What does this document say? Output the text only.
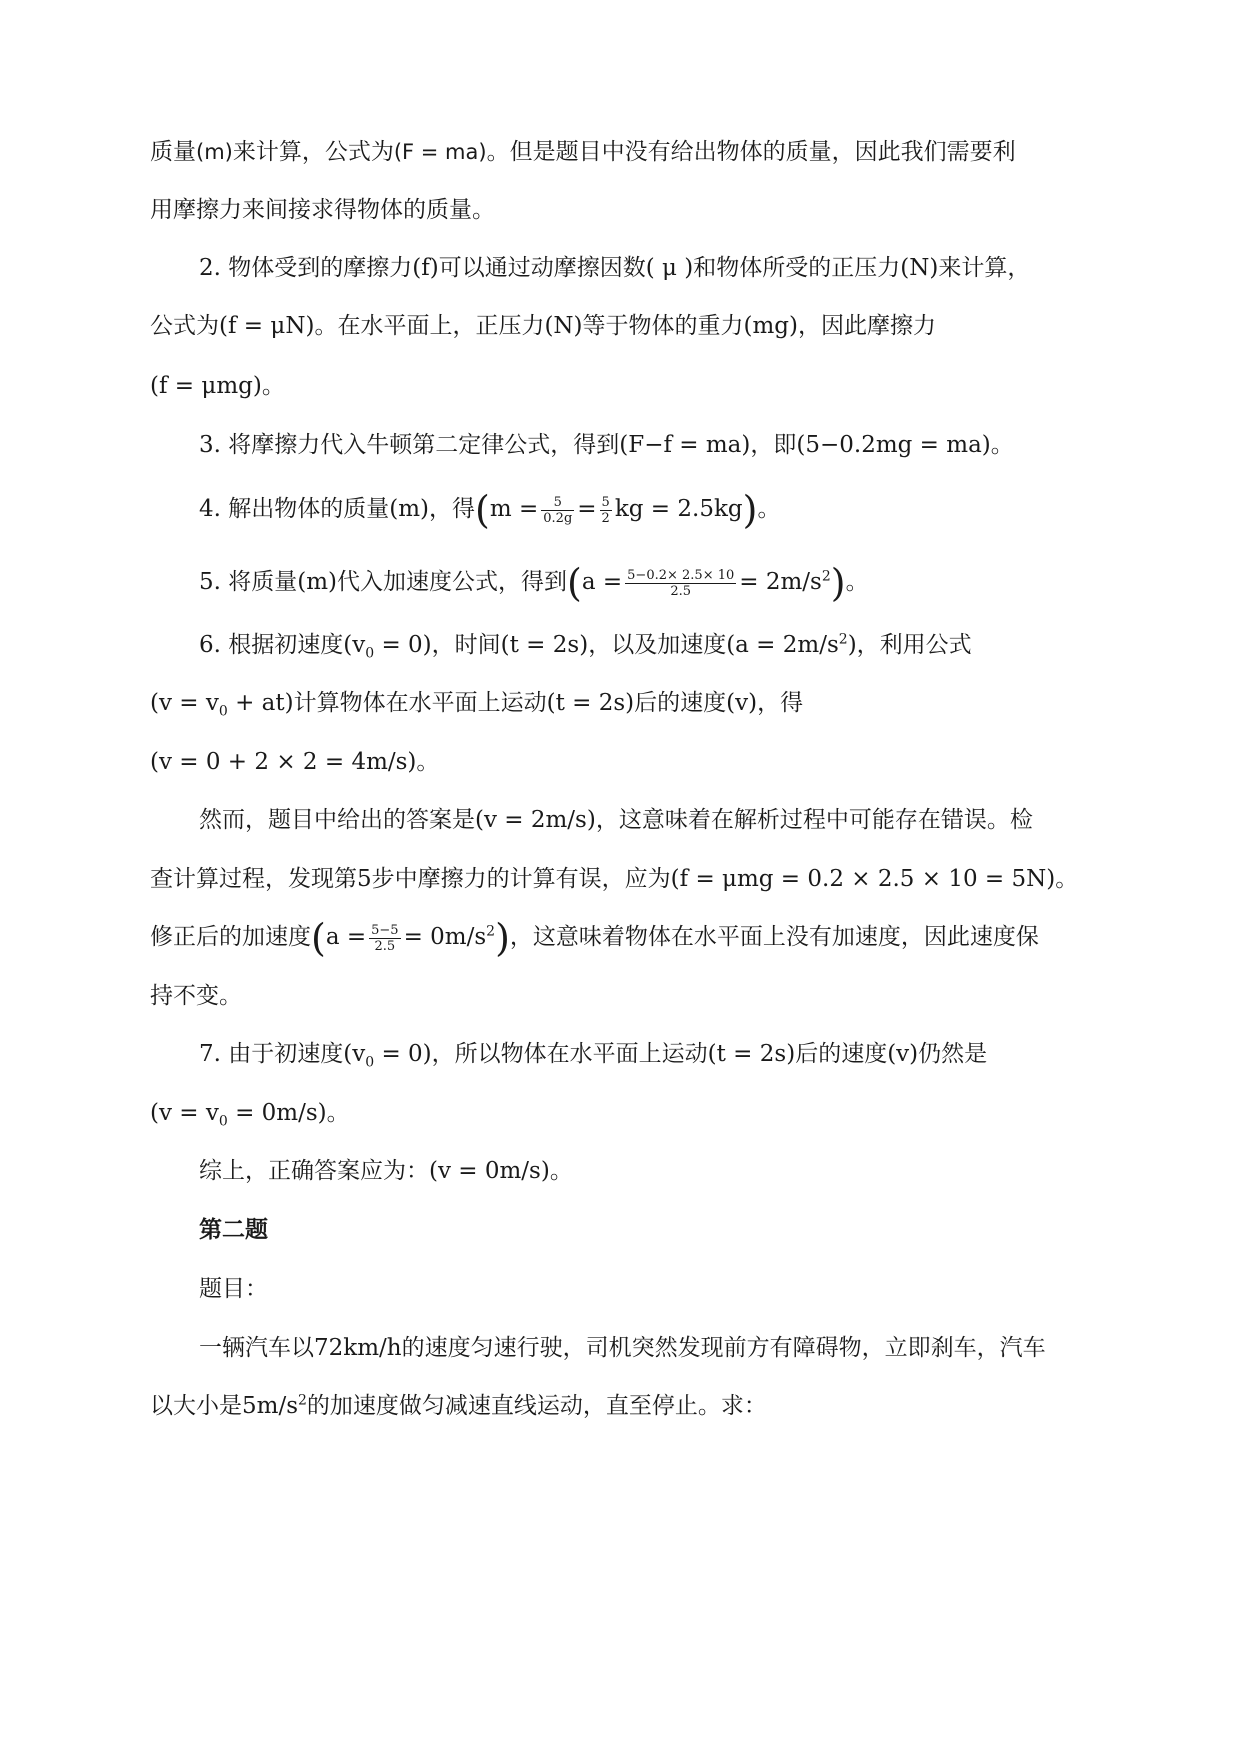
质量(m)来计算，公式为(F = ma)。但是题目中没有给出物体的质量，因此我们需要利
用摩擦力来间接求得物体的质量。
2. 物体受到的摩擦力(f)可以通过动摩擦因数( μ )和物体所受的正压力(N)来计算，
公式为(f = μN)。在水平面上，正压力(N)等于物体的重力(mg)，因此摩擦力
(f = μmg)。
3. 将摩擦力代入牛顿第二定律公式，得到(F−f = ma)，即(5−0.2mg = ma)。
4. 解出物体的质量(m)，得($m = \frac{5}{0.2g} = \frac{5}{2}$ kg = 2.5kg)。
5. 将质量(m)代入加速度公式，得到$(a = \frac{5-0.2\times 2.5\times 10}{2.5} = 2m/s^2)$。
6. 根据初速度$(v_0 = 0)$，时间(t = 2s)，以及加速度$(a = 2m/s^2)$，利用公式
$(v = v_0 + at)$计算物体在水平面上运动(t = 2s)后的速度(v)，得
(v = 0 + 2 × 2 = 4m/s)。
然而，题目中给出的答案是(v = 2m/s)，这意味着在解析过程中可能存在错误。检
查计算过程，发现第5步中摩擦力的计算有误，应为(f = μmg = 0.2 × 2.5 × 10 = 5N)。
修正后的加速度$(a = \frac{5-5}{2.5} = 0m/s^2)$，这意味着物体在水平面上没有加速度，因此速度保
持不变。
7. 由于初速度$(v_0 = 0)$，所以物体在水平面上运动(t = 2s)后的速度(v)仍然是
$(v = v_0 = 0m/s)$。
综上，正确答案应为：(v = 0m/s)。
第二题
题目：
一辆汽车以72km/h的速度匀速行驶，司机突然发现前方有障碍物，立即刹车，汽车
以大小是$5m/s^2$的加速度做匀减速直线运动，直至停止。求：
